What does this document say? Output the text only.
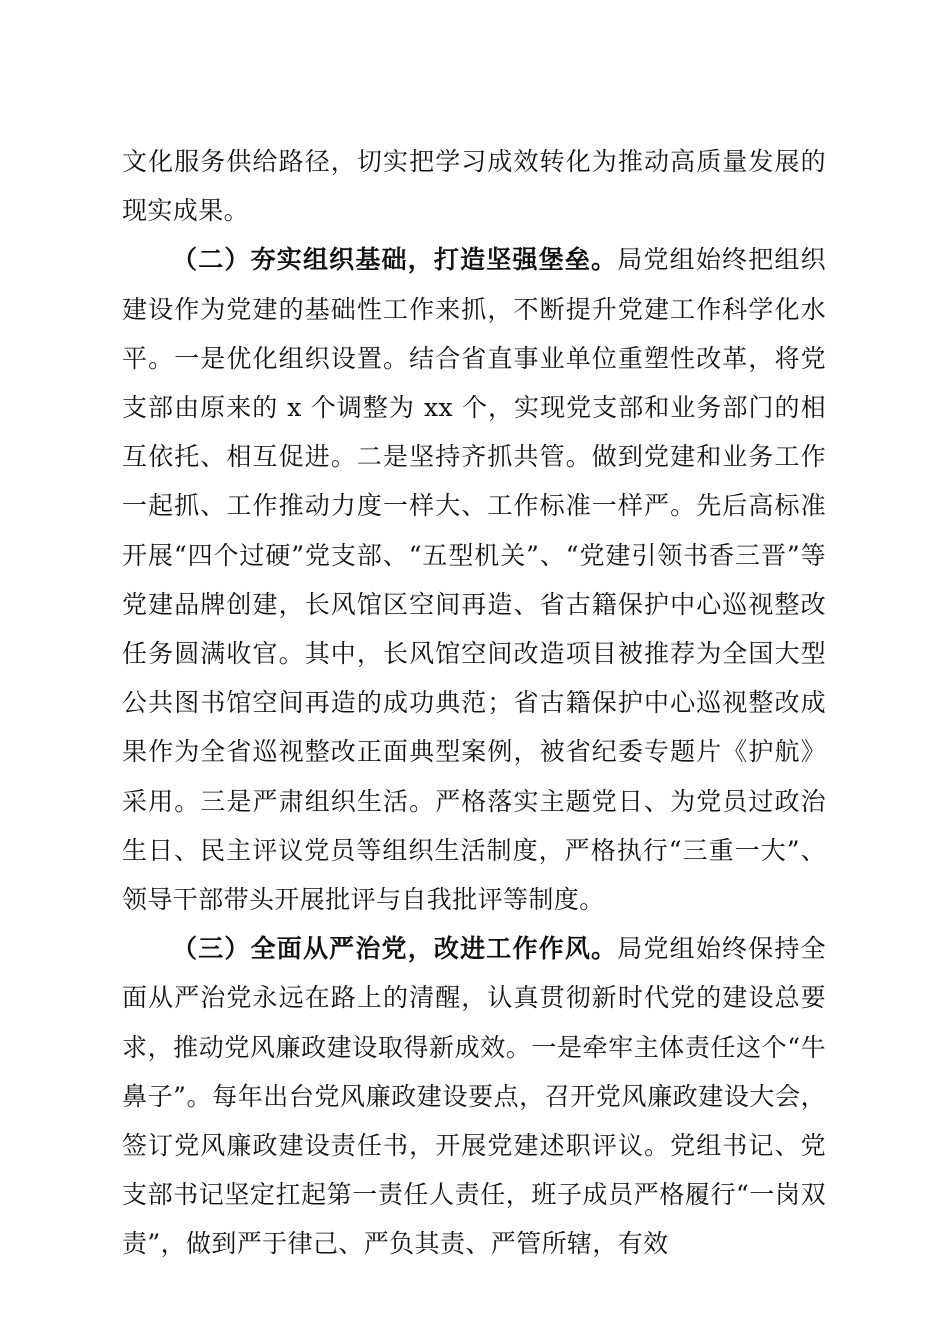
文化服务供给路径，切实把学习成效转化为推动高质量发展的现实成果。

（二）夯实组织基础，打造坚强堡垒。局党组始终把组织建设作为党建的基础性工作来抓，不断提升党建工作科学化水平。一是优化组织设置。结合省直事业单位重塑性改革，将党支部由原来的 x 个调整为 xx 个，实现党支部和业务部门的相互依托、相互促进。二是坚持齐抓共管。做到党建和业务工作一起抓、工作推动力度一样大、工作标准一样严。先后高标准开展“四个过硬”党支部、“五型机关”、“党建引领书香三晋”等党建品牌创建，长风馆区空间再造、省古籍保护中心巡视整改任务圆满收官。其中，长风馆空间改造项目被推荐为全国大型公共图书馆空间再造的成功典范；省古籍保护中心巡视整改成果作为全省巡视整改正面典型案例，被省纪委专题片《护航》采用。三是严肃组织生活。严格落实主题党日、为党员过政治生日、民主评议党员等组织生活制度，严格执行“三重一大”、领导干部带头开展批评与自我批评等制度。

（三）全面从严治党，改进工作作风。局党组始终保持全面从严治党永远在路上的清醒，认真贯彻新时代党的建设总要求，推动党风廉政建设取得新成效。一是牵牢主体责任这个“牛鼻子”。每年出台党风廉政建设要点，召开党风廉政建设大会，签订党风廉政建设责任书，开展党建述职评议。党组书记、党支部书记坚定扛起第一责任人责任，班子成员严格履行“一岗双责”，做到严于律己、严负其责、严管所辖，有效
